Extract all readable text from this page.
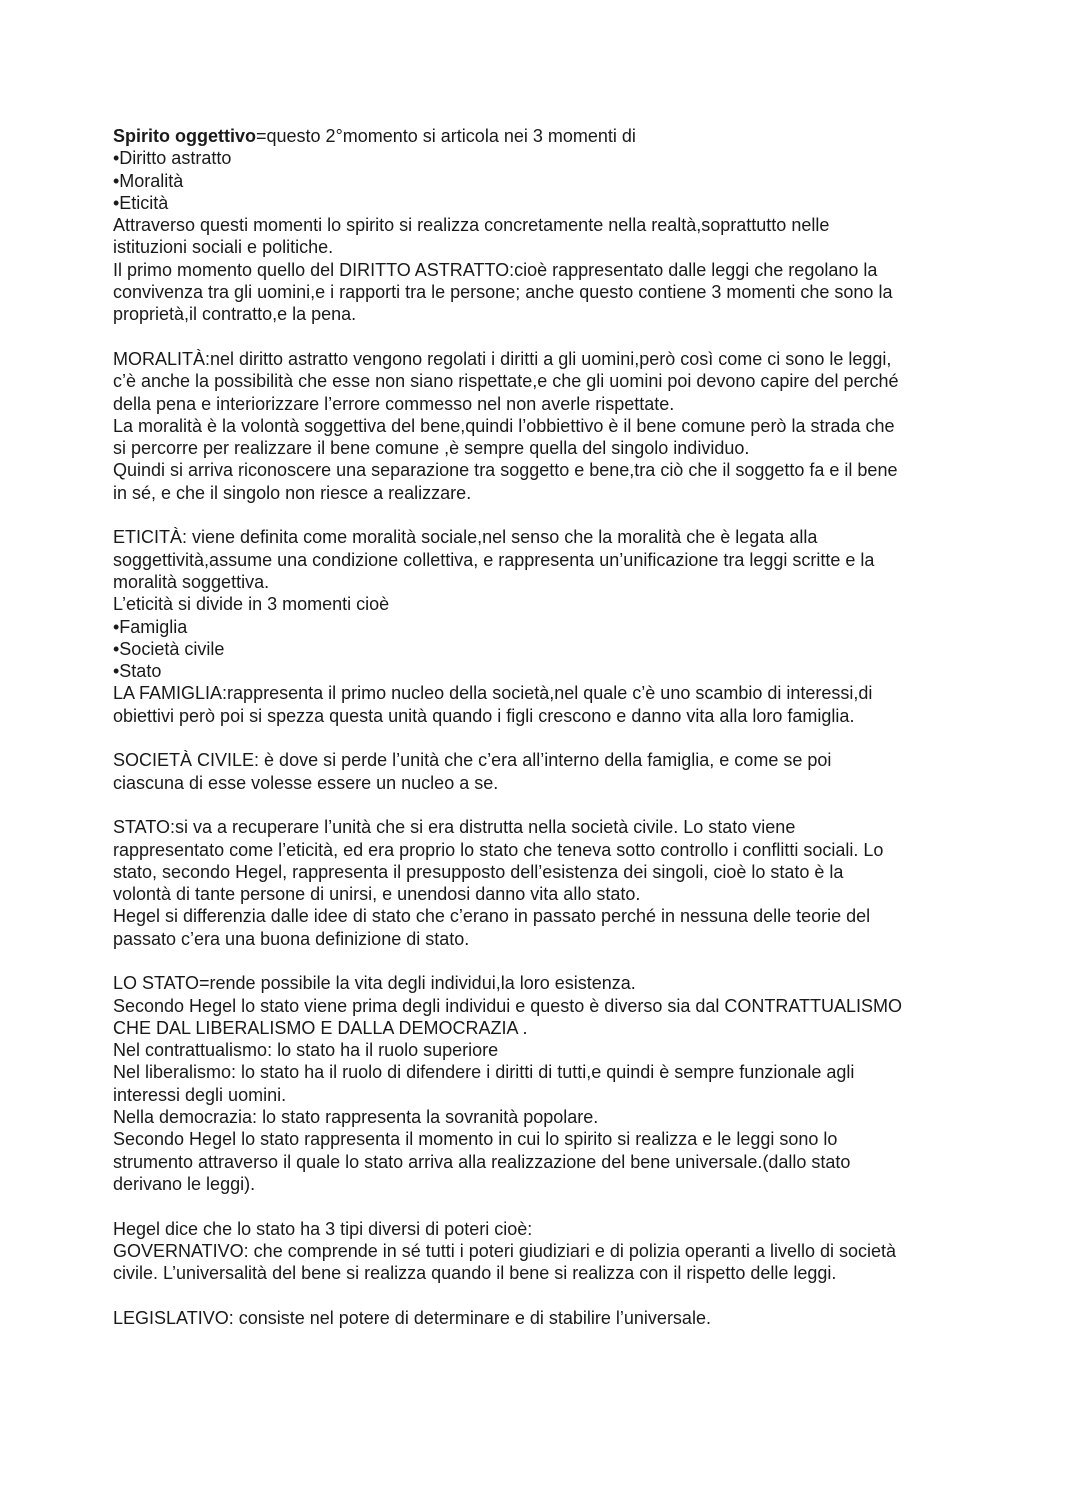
Spirito oggettivo=questo 2°momento si articola nei 3 momenti di
•Diritto astratto
•Moralità
•Eticità
Attraverso questi momenti lo spirito si realizza concretamente nella realtà,soprattutto nelle
istituzioni sociali e politiche.
Il primo momento quello del DIRITTO ASTRATTO:cioè rappresentato dalle leggi che regolano la
convivenza tra gli uomini,e i rapporti tra le persone; anche questo contiene 3 momenti che sono la
proprietà,il contratto,e la pena.
MORALITÀ:nel diritto astratto vengono regolati i diritti a gli uomini,però così come ci sono le leggi,
c’è anche la possibilità che esse non siano rispettate,e che gli uomini poi devono capire del perché
della pena e interiorizzare l’errore commesso nel non averle rispettate.
La moralità è la volontà soggettiva del bene,quindi l’obbiettivo è il bene comune però la strada che
si percorre per realizzare il bene comune ,è sempre quella del singolo individuo.
Quindi si arriva riconoscere una separazione tra soggetto e bene,tra ciò che il soggetto fa e il bene
in sé, e che il singolo non riesce a realizzare.
ETICITÀ: viene definita come moralità sociale,nel senso che la moralità che è legata alla
soggettività,assume una condizione collettiva, e rappresenta un’unificazione tra leggi scritte e la
moralità soggettiva.
L’eticità si divide in 3 momenti cioè
•Famiglia
•Società civile
•Stato
LA FAMIGLIA:rappresenta il primo nucleo della società,nel quale c’è uno scambio di interessi,di
obiettivi però poi si spezza questa unità quando i figli crescono e danno vita alla loro famiglia.
SOCIETÀ CIVILE: è dove si perde l’unità che c’era all’interno della famiglia, e come se poi
ciascuna di esse volesse essere un nucleo a se.
STATO:si va a recuperare l’unità che si era distrutta nella società civile. Lo stato viene
rappresentato come l’eticità, ed era proprio lo stato che teneva sotto controllo i conflitti sociali. Lo
stato, secondo Hegel, rappresenta il presupposto dell’esistenza dei singoli, cioè lo stato è la
volontà di tante persone di unirsi, e unendosi danno vita allo stato.
Hegel si differenzia dalle idee di stato che c’erano in passato perché in nessuna delle teorie del
passato c’era una buona definizione di stato.
LO STATO=rende possibile la vita degli individui,la loro esistenza.
Secondo Hegel lo stato viene prima degli individui e questo è diverso sia dal CONTRATTUALISMO
CHE DAL LIBERALISMO E DALLA DEMOCRAZIA .
Nel contrattualismo: lo stato ha il ruolo superiore
Nel liberalismo: lo stato ha il ruolo di difendere i diritti di tutti,e quindi è sempre funzionale agli
interessi degli uomini.
Nella democrazia: lo stato rappresenta la sovranità popolare.
Secondo Hegel lo stato rappresenta il momento in cui lo spirito si realizza e le leggi sono lo
strumento attraverso il quale lo stato arriva alla realizzazione del bene universale.(dallo stato
derivano le leggi).
Hegel dice che lo stato ha 3 tipi diversi di poteri cioè:
GOVERNATIVO: che comprende in sé tutti i poteri giudiziari e di polizia operanti a livello di società
civile. L’universalità del bene si realizza quando il bene si realizza con il rispetto delle leggi.
LEGISLATIVO: consiste nel potere di determinare e di stabilire l’universale.
